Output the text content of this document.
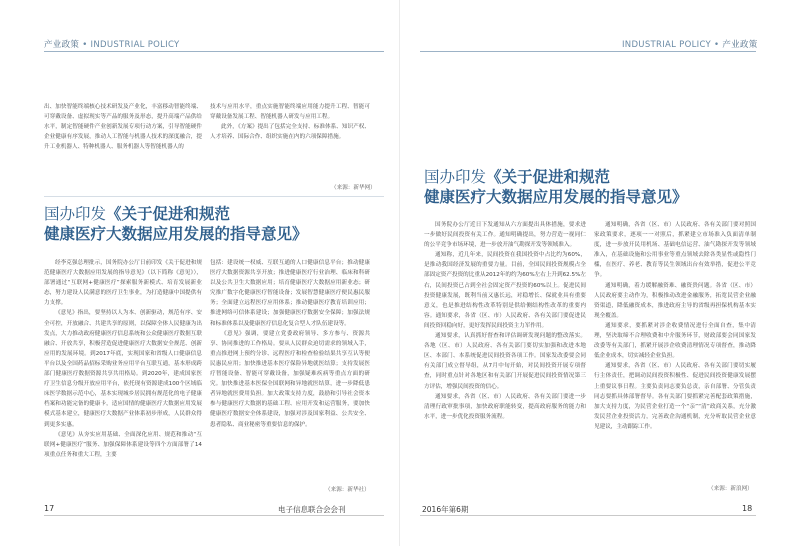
产业政策 • INDUSTRIAL POLICY

出、加快智能终端核心技术研发及产业化，丰富移动智能终端、可穿戴设备、虚拟现实等产品的服务及形态，提升高端产品供给水平，制定智能硬件产业创新发展专项行动方案，引导智能硬件企业健康有序发展，推动人工智能与机器人技术的深度融合，提升工业机器人、特种机器人、服务机器人等智能机器人的

技术与应用水平，重点实施智能终端应用能力提升工程、智能可穿戴设备发展工程、智能机器人研发与应用工程。

此外，《方案》提出了包括完全支持、标准体系、知识产权、人才培养、国际合作、组织实施在内的六项保障措施。

（来源：新华网）
国办印发《关于促进和规范
健康医疗大数据应用发展的指导意见》

经李克强总理批示，国务院办公厅日前印发《关于促进和规范健康医疗大数据应用发展的指导意见》（以下简称《意见》），部署通过“互联网+健康医疗”探索服务新模式、培育发展新业态，努力建设人民满意的医疗卫生事业，为打造健康中国提供有力支撑。

《意见》指出，要坚持以人为本、创新驱动，规范有序、安全可控，开放融合、共建共享的原则，以保障全体人民健康为出发点，大力推动政府健康医疗信息系统和公众健康医疗数据互联融合、开放共享，积极营造促进健康医疗大数据安全规范、创新应用的发展环境。到2017年底，实现国家和省级人口健康信息平台以及全国药品招标采购业务应用平台互联互通，基本形成跨部门健康医疗数据资源共享共用格局。到2020年，建成国家医疗卫生信息分级开放应用平台，依托现有资源建成100个区域临床医学数据示范中心，基本实现城乡居民拥有规范化的电子健康档案和功能完备的健康卡，适应国情的健康医疗大数据应用发展模式基本建立，健康医疗大数据产业体系初步形成，人民群众得到更多实惠。

《意见》从夯实应用基础、全面深化应用、规范和推动“互联网+健康医疗”服务、加强保障体系建设等四个方面部署了14项重点任务和重大工程，主要

包括：建设统一权威、互联互通的人口健康信息平台；推动健康医疗大数据资源共享开放；推进健康医疗行业治理、临床和科研以及公共卫生大数据应用；培育健康医疗大数据应用新业态；研究推广数字化健康医疗智能设备；发展智慧健康医疗便民惠民服务；全面建立远程医疗应用体系；推动健康医疗教育培训应用；推进网络可信体系建设；加强健康医疗数据安全保障；加强法规和标准体系以及健康医疗信息化复合型人才队伍建设等。

《意见》强调，要建立党委政府领导、多方参与、资源共享、协同推进的工作格局。要从人民群众迫切需求的领域入手，重点推进网上预约分诊、远程医疗和检查检验结果共享互认等便民惠民应用；加快推进基本医疗保险异地就医结算；支持发展医疗智能设备、智能可穿戴设备，加强疑难疾病等重点方面的研究。加快推进基本医保全国联网和异地就医结算，进一步降低患者异地就医费用负担。加大政策支持力度，鼓励和引导社会资本参与健康医疗大数据的基础工程、应用开发和运营服务，要加快健康医疗数据安全体系建设，加强对涉及国家利益、公共安全、患者隐私、商业秘密等重要信息的保护。

（来源：新华社）
17	电子信息联合会会刊
INDUSTRIAL POLICY • 产业政策
国办印发《关于促进和规范
健康医疗大数据应用发展的指导意见》

国务院办公厅近日下发通知从六方面提出具体措施，要求进一步做好民间投资有关工作。通知明确提出，努力营造一视同仁的公平竞争市场环境，进一步放开油气勘探开发等领域准入。

通知称，近几年来，民间投资在我国投资中占比约为60%，是推动我国经济发展的重要力量。目前，全国民间投资规模占全部固定资产投资的比重从2012年的约为60%左右上升到62.5%左右，民间投资已占到全社会固定资产投资的60%以上。促进民间投资健康发展，既利当前又惠长远，对稳增长、保就业具有重要意义，也是推进结构性改革特别是供给侧结构性改革的重要内容。通知要求，各省（区、市）人民政府、各有关部门要促进民间投资回稳向好，更好发挥民间投资主力军作用。

通知要求，认真抓好督查和评估调研发现问题的整改落实。各地（区、市）人民政府、各有关部门要切实加强和改进本地区、本部门、本系统促进民间投资各项工作。国家发改委要会同有关部门成立督导组，从7月中旬开始，对民间投资开展专项督查，同时重点针对各地区和有关部门开展促进民间投资情况第三方评估，增强民间投资的信心。

通知要求，各省（区、市）人民政府、各有关部门要进一步清理行政审批事项，加快政府职能转变，提高政府服务的能力和水平，进一步优化投资服务流程。

通知明确，各省（区、市）人民政府、各有关部门要对照国家政策要求，逐项一一对照后，抓紧建立市场准入负面清单制度，进一步放开民用机场、基础电信运营、油气勘探开发等领域准入，在基础设施和公用事业等重点领域去除各类显性或隐性门槛，在医疗、养老、教育等民生领域出台有效举措，促进公平竞争。

通知明确，着力缓解融资难、融资贵问题。各省（区、市）人民政府要主动作为，积极推动改进金融服务，拓宽民营企业融资渠道，降低融资成本，推进政府主导的省级再担保机构基本实现全覆盖。

通知要求，要抓紧对涉企收费情况进行全面自查，集中清理，坚决取缔不合理收费和中介服务环节，财政部要会同国家发改委等有关部门，抓紧开展涉企收费清理情况专项督查，推动降低企业成本，切实减轻企业负担。

通知要求，各省（区、市）人民政府、各有关部门要切实履行主体责任，把调动民间投资积极性、促进民间投资健康发展摆上重要议事日程。主要负责同志要负总责，亲自部署、分管负责同志要抓具体部署督导。各有关部门要抓紧完善配套政策措施，加大支持力度，为民营企业打造一个“亲”“清”政商关系，充分激发民营企业投资活力，完善政企沟通机制，充分听取民营企业意见建议，主动跟踪工作。

（来源：新浪网）
2016年第6期	18
